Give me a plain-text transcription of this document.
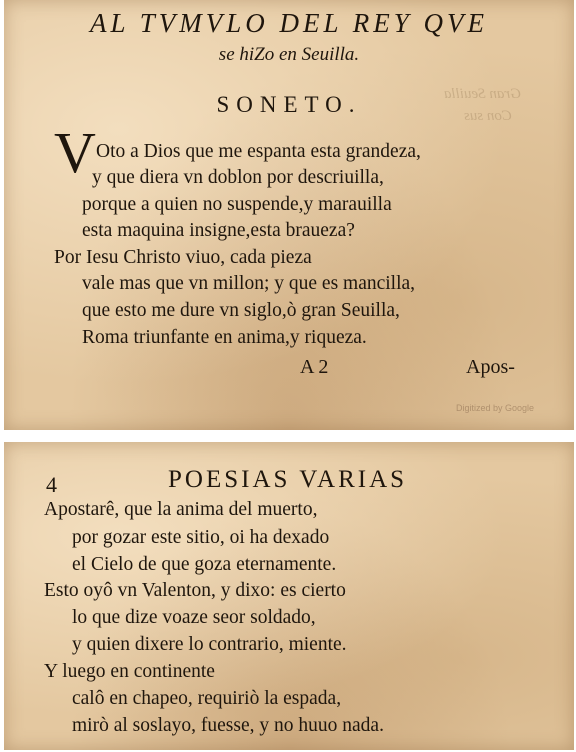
Gran Seuilla
Con sus
AL TVMVLO DEL REY QVE
se hiZo en Seuilla.
SONETO.
V Oto a Dios que me espanta esta grandeza,
y que diera vn doblon por descriuilla,
porque a quien no suspende,y marauilla
esta maquina insigne,esta braueza?
Por Iesu Christo viuo, cada pieza
vale mas que vn millon; y que es mancilla,
que esto me dure vn siglo,ò gran Seuilla,
Roma triunfante en anima,y riqueza.
A 2	Apos-
Digitized by Google
4	POESIAS VARIAS
Apostarê, que la anima del muerto,
por gozar este sitio, oi ha dexado
el Cielo de que goza eternamente.
Esto oyô vn Valenton, y dixo: es cierto
lo que dize voaze seor soldado,
y quien dixere lo contrario, miente.
Y luego en continente
calô en chapeo, requiriò la espada,
mirò al soslayo, fuesse, y no huuo nada.
